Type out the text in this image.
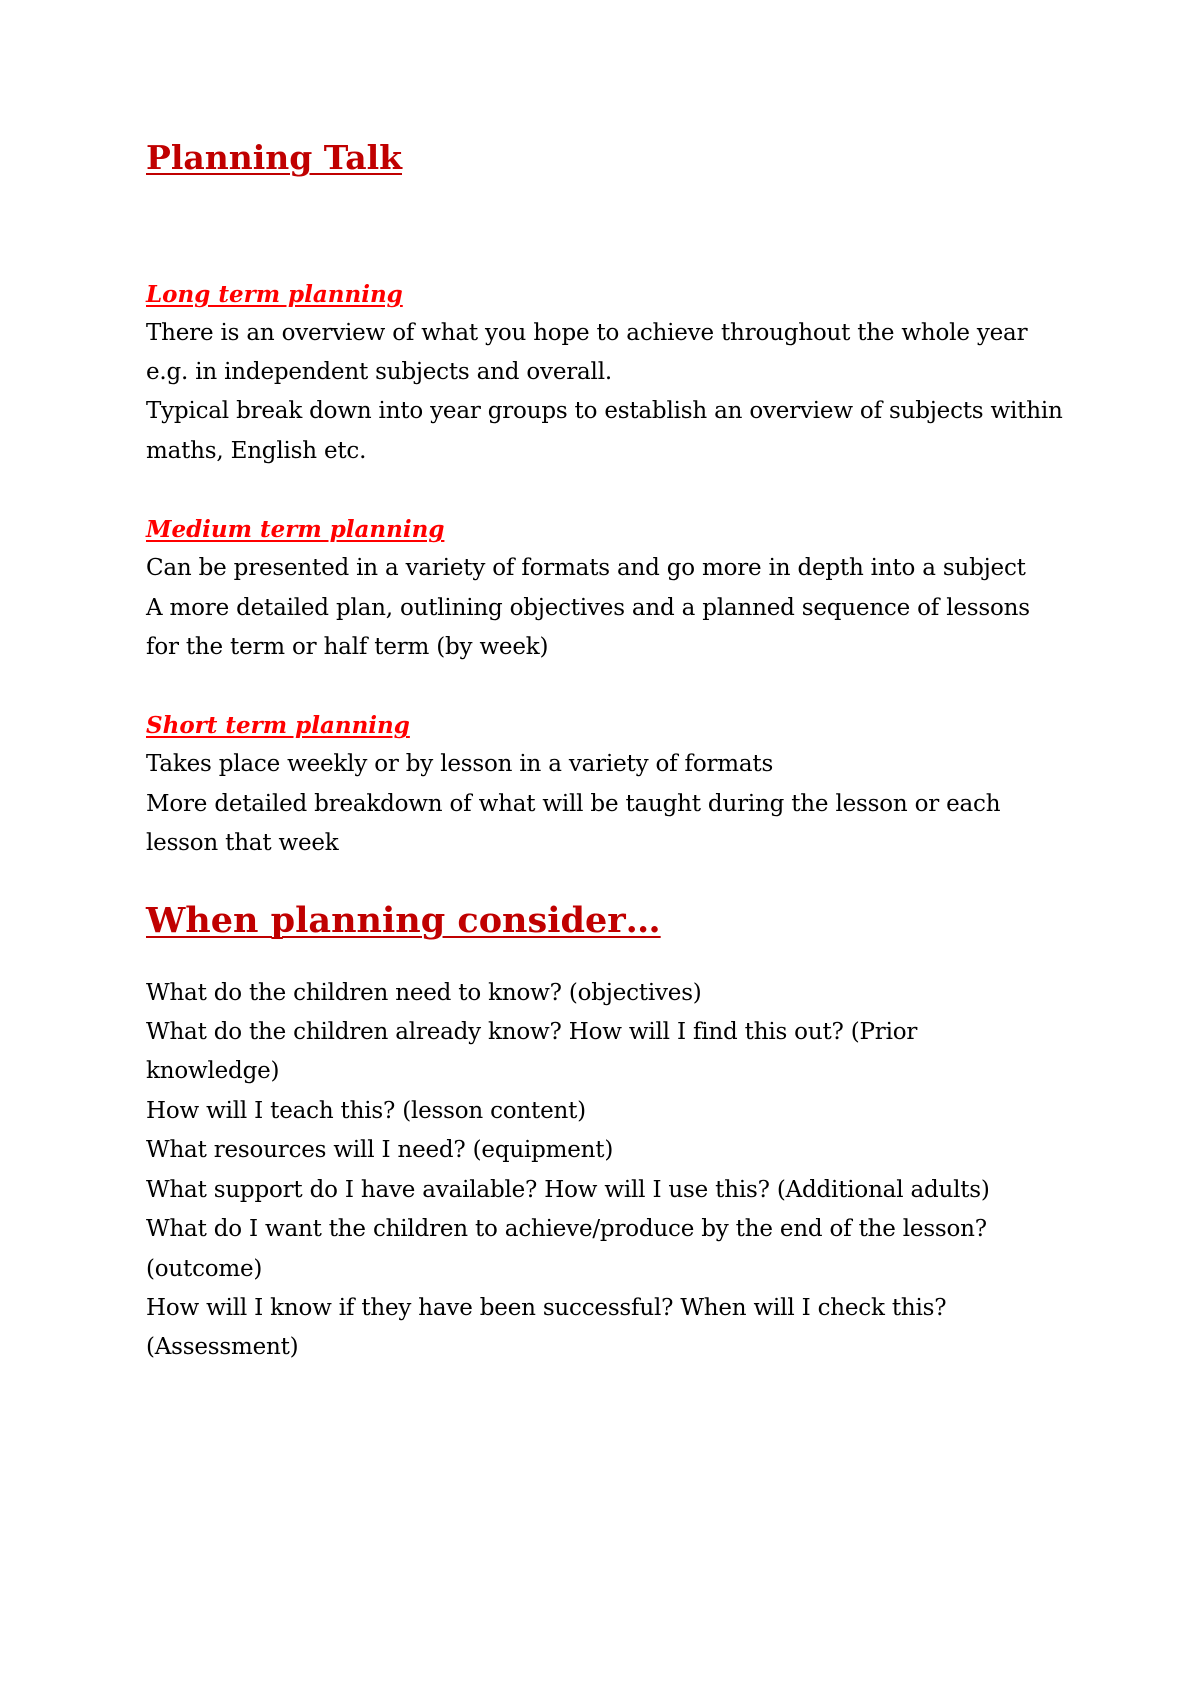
Planning Talk
Long term planning

There is an overview of what you hope to achieve throughout the whole year e.g. in independent subjects and overall.

Typical break down into year groups to establish an overview of subjects within maths, English etc.

Medium term planning

Can be presented in a variety of formats and go more in depth into a subject

A more detailed plan, outlining objectives and a planned sequence of lessons for the term or half term (by week)

Short term planning

Takes place weekly or by lesson in a variety of formats

More detailed breakdown of what will be taught during the lesson or each lesson that week

When planning consider…

What do the children need to know? (objectives)

What do the children already know? How will I find this out? (Prior knowledge)

How will I teach this? (lesson content)

What resources will I need? (equipment)

What support do I have available? How will I use this? (Additional adults)

What do I want the children to achieve/produce by the end of the lesson? (outcome)

How will I know if they have been successful? When will I check this? (Assessment)
